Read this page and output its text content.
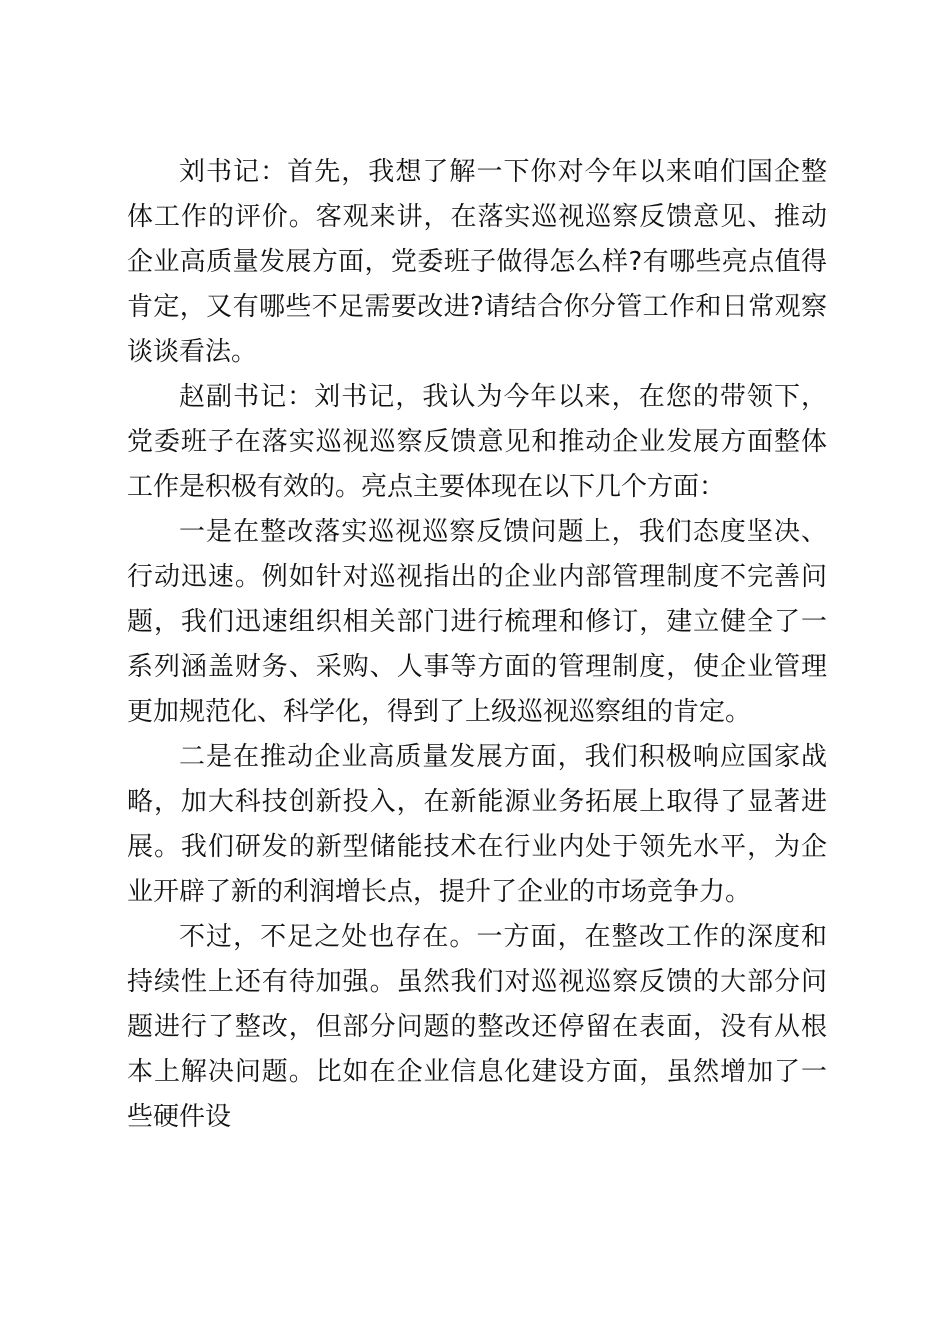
刘书记：首先，我想了解一下你对今年以来咱们国企整体工作的评价。客观来讲，在落实巡视巡察反馈意见、推动企业高质量发展方面，党委班子做得怎么样?有哪些亮点值得肯定，又有哪些不足需要改进?请结合你分管工作和日常观察谈谈看法。

赵副书记：刘书记，我认为今年以来，在您的带领下，党委班子在落实巡视巡察反馈意见和推动企业发展方面整体工作是积极有效的。亮点主要体现在以下几个方面：

一是在整改落实巡视巡察反馈问题上，我们态度坚决、行动迅速。例如针对巡视指出的企业内部管理制度不完善问题，我们迅速组织相关部门进行梳理和修订，建立健全了一系列涵盖财务、采购、人事等方面的管理制度，使企业管理更加规范化、科学化，得到了上级巡视巡察组的肯定。

二是在推动企业高质量发展方面，我们积极响应国家战略，加大科技创新投入，在新能源业务拓展上取得了显著进展。我们研发的新型储能技术在行业内处于领先水平，为企业开辟了新的利润增长点，提升了企业的市场竞争力。

不过，不足之处也存在。一方面，在整改工作的深度和持续性上还有待加强。虽然我们对巡视巡察反馈的大部分问题进行了整改，但部分问题的整改还停留在表面，没有从根本上解决问题。比如在企业信息化建设方面，虽然增加了一些硬件设
